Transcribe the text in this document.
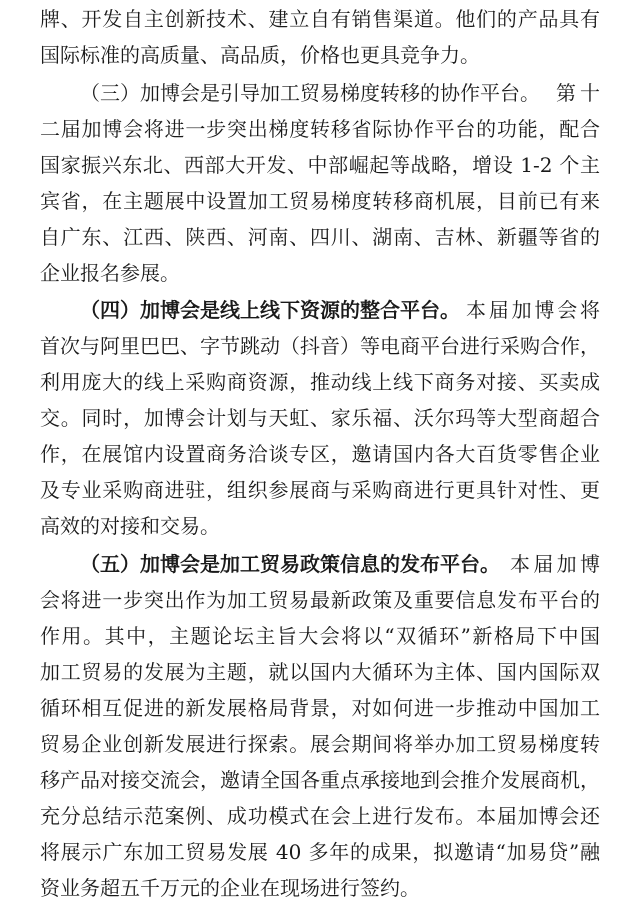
牌、开发自主创新技术、建立自有销售渠道。他们的产品具有
国际标准的高质量、高品质，价格也更具竞争力。
（三）加博会是引导加工贸易梯度转移的协作平台。 第十
二届加博会将进一步突出梯度转移省际协作平台的功能，配合
国家振兴东北、西部大开发、中部崛起等战略，增设 1-2 个主
宾省，在主题展中设置加工贸易梯度转移商机展，目前已有来
自广东、江西、陕西、河南、四川、湖南、吉林、新疆等省的
企业报名参展。
（四）加博会是线上线下资源的整合平台。 本届加博会将
首次与阿里巴巴、字节跳动（抖音）等电商平台进行采购合作，
利用庞大的线上采购商资源，推动线上线下商务对接、买卖成
交。同时，加博会计划与天虹、家乐福、沃尔玛等大型商超合
作，在展馆内设置商务洽谈专区，邀请国内各大百货零售企业
及专业采购商进驻，组织参展商与采购商进行更具针对性、更
高效的对接和交易。
（五）加博会是加工贸易政策信息的发布平台。 本届加博
会将进一步突出作为加工贸易最新政策及重要信息发布平台的
作用。其中，主题论坛主旨大会将以“双循环”新格局下中国
加工贸易的发展为主题，就以国内大循环为主体、国内国际双
循环相互促进的新发展格局背景，对如何进一步推动中国加工
贸易企业创新发展进行探索。展会期间将举办加工贸易梯度转
移产品对接交流会，邀请全国各重点承接地到会推介发展商机，
充分总结示范案例、成功模式在会上进行发布。本届加博会还
将展示广东加工贸易发展 40 多年的成果，拟邀请“加易贷”融
资业务超五千万元的企业在现场进行签约。
